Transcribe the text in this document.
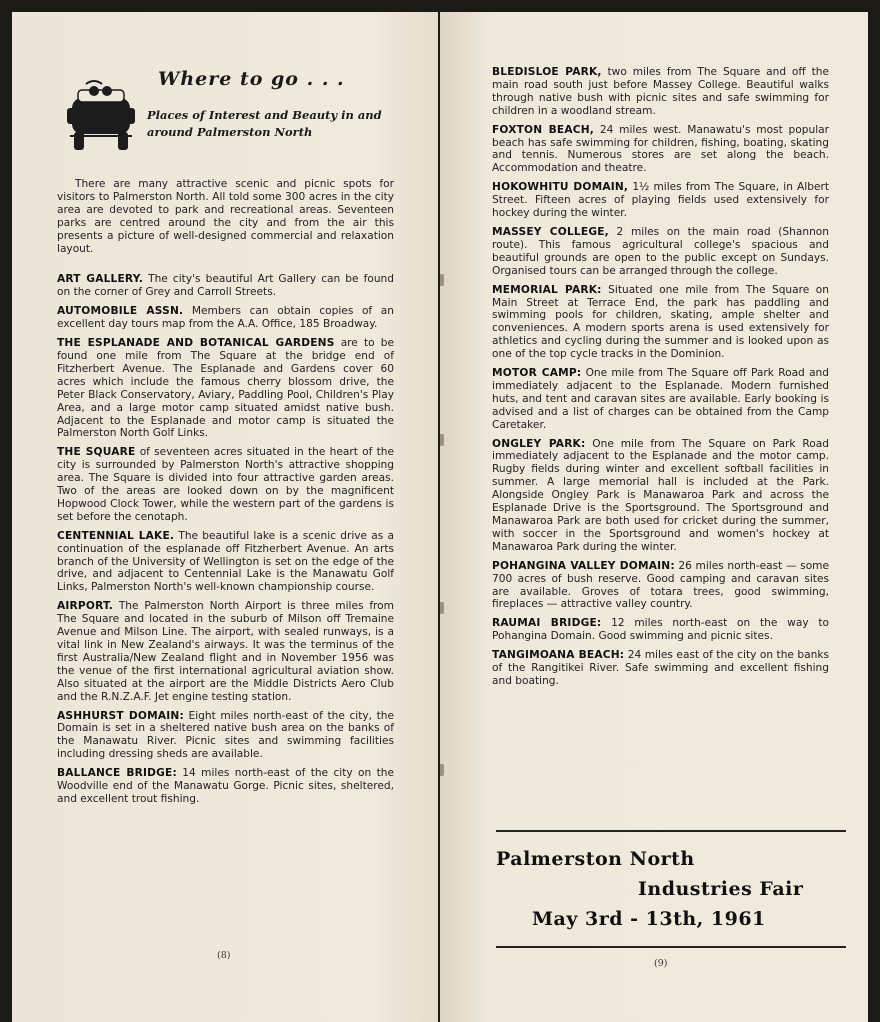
Where to go . . .
Places of Interest and Beauty in and around Palmerston North

There are many attractive scenic and picnic spots for visitors to Palmerston North. All told some 300 acres in the city area are devoted to park and recreational areas. Seventeen parks are centred around the city and from the air this presents a picture of well-designed commercial and relaxation layout.

ART GALLERY. The city's beautiful Art Gallery can be found on the corner of Grey and Carroll Streets.

AUTOMOBILE ASSN. Members can obtain copies of an excellent day tours map from the A.A. Office, 185 Broadway.

THE ESPLANADE AND BOTANICAL GARDENS are to be found one mile from The Square at the bridge end of Fitzherbert Avenue. The Esplanade and Gardens cover 60 acres which include the famous cherry blossom drive, the Peter Black Conservatory, Aviary, Paddling Pool, Children's Play Area, and a large motor camp situated amidst native bush. Adjacent to the Esplanade and motor camp is situated the Palmerston North Golf Links.

THE SQUARE of seventeen acres situated in the heart of the city is surrounded by Palmerston North's attractive shopping area. The Square is divided into four attractive garden areas. Two of the areas are looked down on by the magnificent Hopwood Clock Tower, while the western part of the gardens is set before the cenotaph.

CENTENNIAL LAKE. The beautiful lake is a scenic drive as a continuation of the esplanade off Fitzherbert Avenue. An arts branch of the University of Wellington is set on the edge of the drive, and adjacent to Centennial Lake is the Manawatu Golf Links, Palmerston North's well-known championship course.

AIRPORT. The Palmerston North Airport is three miles from The Square and located in the suburb of Milson off Tremaine Avenue and Milson Line. The airport, with sealed runways, is a vital link in New Zealand's airways. It was the terminus of the first Australia/New Zealand flight and in November 1956 was the venue of the first international agricultural aviation show. Also situated at the airport are the Middle Districts Aero Club and the R.N.Z.A.F. Jet engine testing station.

ASHHURST DOMAIN: Eight miles north-east of the city, the Domain is set in a sheltered native bush area on the banks of the Manawatu River. Picnic sites and swimming facilities including dressing sheds are available.

BALLANCE BRIDGE: 14 miles north-east of the city on the Woodville end of the Manawatu Gorge. Picnic sites, sheltered, and excellent trout fishing.

(8)

BLEDISLOE PARK, two miles from The Square and off the main road south just before Massey College. Beautiful walks through native bush with picnic sites and safe swimming for children in a woodland stream.

FOXTON BEACH, 24 miles west. Manawatu's most popular beach has safe swimming for children, fishing, boating, skating and tennis. Numerous stores are set along the beach. Accommodation and theatre.

HOKOWHITU DOMAIN, 1½ miles from The Square, in Albert Street. Fifteen acres of playing fields used extensively for hockey during the winter.

MASSEY COLLEGE, 2 miles on the main road (Shannon route). This famous agricultural college's spacious and beautiful grounds are open to the public except on Sundays. Organised tours can be arranged through the college.

MEMORIAL PARK: Situated one mile from The Square on Main Street at Terrace End, the park has paddling and swimming pools for children, skating, ample shelter and conveniences. A modern sports arena is used extensively for athletics and cycling during the summer and is looked upon as one of the top cycle tracks in the Dominion.

MOTOR CAMP: One mile from The Square off Park Road and immediately adjacent to the Esplanade. Modern furnished huts, and tent and caravan sites are available. Early booking is advised and a list of charges can be obtained from the Camp Caretaker.

ONGLEY PARK: One mile from The Square on Park Road immediately adjacent to the Esplanade and the motor camp. Rugby fields during winter and excellent softball facilities in summer. A large memorial hall is included at the Park. Alongside Ongley Park is Manawaroa Park and across the Esplanade Drive is the Sportsground. The Sportsground and Manawaroa Park are both used for cricket during the summer, with soccer in the Sportsground and women's hockey at Manawaroa Park during the winter.

POHANGINA VALLEY DOMAIN: 26 miles north-east — some 700 acres of bush reserve. Good camping and caravan sites are available. Groves of totara trees, good swimming, fireplaces — attractive valley country.

RAUMAI BRIDGE: 12 miles north-east on the way to Pohangina Domain. Good swimming and picnic sites.

TANGIMOANA BEACH: 24 miles east of the city on the banks of the Rangitikei River. Safe swimming and excellent fishing and boating.

Palmerston North
Industries Fair
May 3rd - 13th, 1961
(9)
